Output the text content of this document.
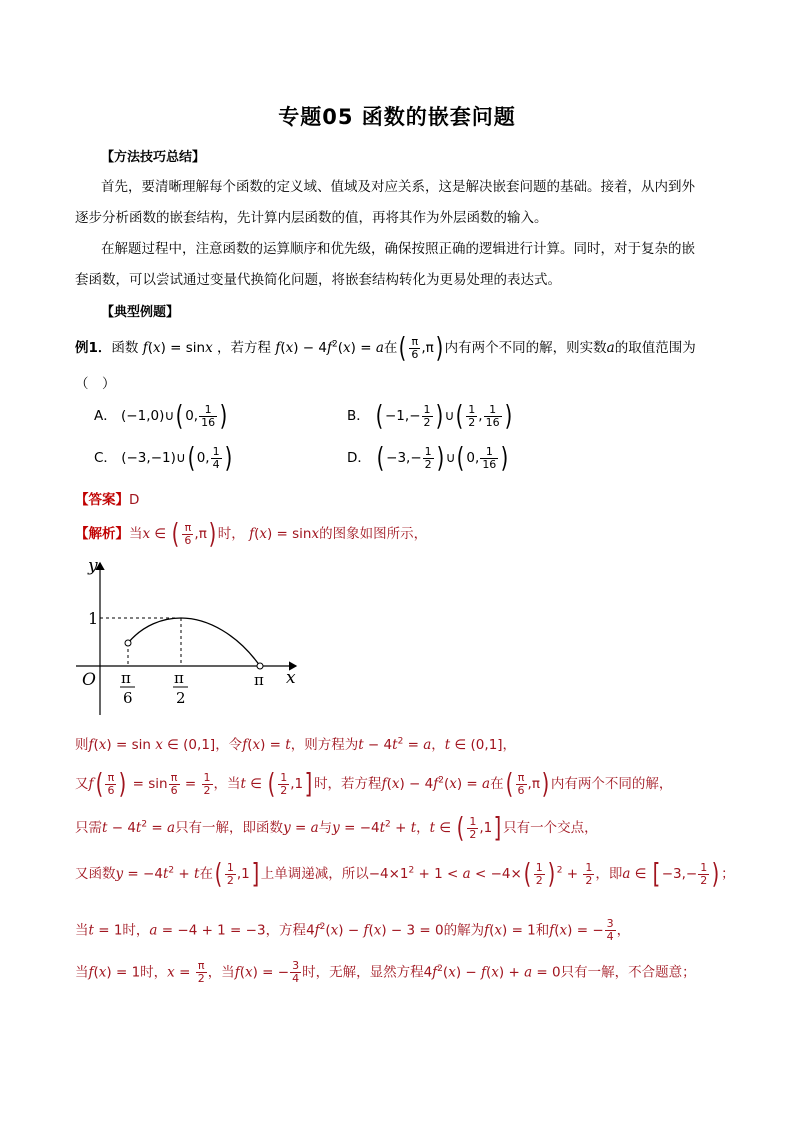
专题05 函数的嵌套问题
【方法技巧总结】
首先，要清晰理解每个函数的定义域、值域及对应关系，这是解决嵌套问题的基础。接着，从内到外
逐步分析函数的嵌套结构，先计算内层函数的值，再将其作为外层函数的输入。
在解题过程中，注意函数的运算顺序和优先级，确保按照正确的逻辑进行计算。同时，对于复杂的嵌
套函数，可以尝试通过变量代换简化问题，将嵌套结构转化为更易处理的表达式。
【典型例题】
例1．函数 f(x) = sinx ，若方程 $f(x) - 4f^2(x) = a$在( $\frac{\pi}{6} ,\pi$) 内有两个不同的解，则实数a的取值范围为
（　）
A． (−1,0)∪( 0, $\frac{1}{16}$ )	B． ( $-1,- \frac{1}{2}$ ) ∪( $\frac{1}{2}$ , $\frac{1}{16}$ )
C． (−3,−1)∪( 0, $\frac{1}{4}$ )	D． ( $-3,- \frac{1}{2}$ ) ∪( 0, $\frac{1}{16}$ )
【答案】D
【解析】当x ∈ ( $\frac{\pi}{6} ,\pi$) 时， f(x) = sinx的图象如图所示，
y
x
O
1
π
6
π
2
π
则f(x) = sin x ∈ (0,1]，令f(x) = t，则方程为$t - 4t^2 = a$，t ∈ (0,1]，
又$f( \frac{\pi}{6}$ ) = $\sin \frac{\pi}{6} = \frac{1}{2}$ ，当t ∈ ( $\frac{1}{2} ,1$] 时，若方程$f(x) - 4f^2(x) = a$在( $\frac{\pi}{6} ,\pi$) 内有两个不同的解，
只需$t - 4t^2 = a$只有一解，即函数y = a与$y = -4t^2 + t$，t ∈ ( $\frac{1}{2} ,1$] 只有一个交点，
又函数$y = -4t^2 + t$在( $\frac{1}{2} ,1$] 上单调递减，所以$-4\times 1^2 + 1 < a < -4\times( \frac{1}{2}$ ) $^2 + \frac{1}{2}$ ，即a ∈ [ $-3,- \frac{1}{2}$ ) ；
当t = 1时，a = −4 + 1 = −3，方程$4f^2(x) - f(x) - 3 = 0$的解为f(x) = 1和f(x) = − $\frac{3}{4}$ ，
当f(x) = 1时，$x = \frac{\pi}{2}$ ，当f(x) = − $\frac{3}{4}$ 时，无解，显然方程$4f^2(x) - f(x) + a = 0$只有一解，不合题意；
